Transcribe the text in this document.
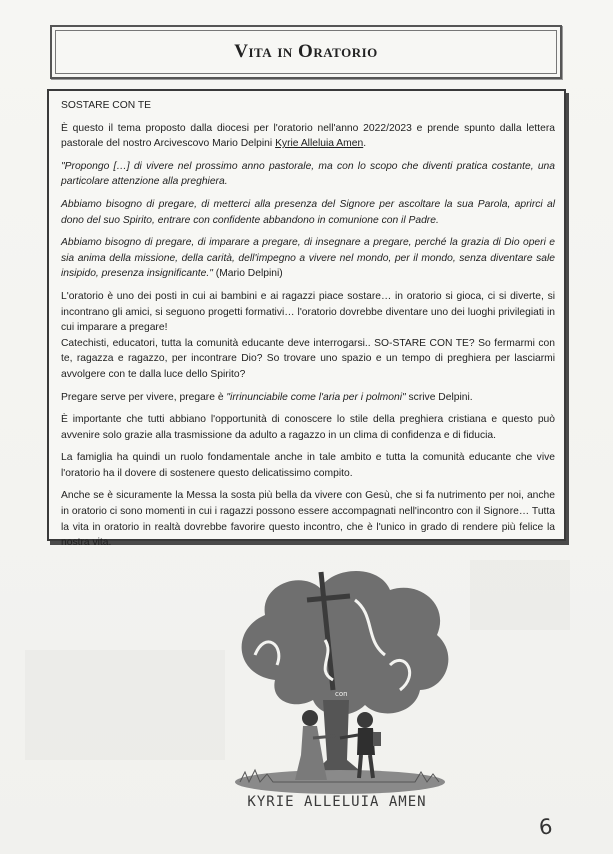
Vita in Oratorio

SOSTARE CON TE

È questo il tema proposto dalla diocesi per l'oratorio nell'anno 2022/2023 e prende spunto dalla lettera pastorale del nostro Arcivescovo Mario Delpini Kyrie Alleluia Amen.

"Propongo […] di vivere nel prossimo anno pastorale, ma con lo scopo che diventi pratica costante, una particolare attenzione alla preghiera.

Abbiamo bisogno di pregare, di metterci alla presenza del Signore per ascoltare la sua Parola, aprirci al dono del suo Spirito, entrare con confidente abbandono in comunione con il Padre.

Abbiamo bisogno di pregare, di imparare a pregare, di insegnare a pregare, perché la grazia di Dio operi e sia anima della missione, della carità, dell'impegno a vivere nel mondo, per il mondo, senza diventare sale insipido, presenza insignificante." (Mario Delpini)

L'oratorio è uno dei posti in cui ai bambini e ai ragazzi piace sostare… in oratorio si gioca, ci si diverte, si incontrano gli amici, si seguono progetti formativi… l'oratorio dovrebbe diventare uno dei luoghi privilegiati in cui imparare a pregare!
Catechisti, educatori, tutta la comunità educante deve interrogarsi.. SO-STARE CON TE? So fermarmi con te, ragazza e ragazzo, per incontrare Dio? So trovare uno spazio e un tempo di preghiera per lasciarmi avvolgere con te dalla luce dello Spirito?

Pregare serve per vivere, pregare è "irrinunciabile come l'aria per i polmoni" scrive Delpini.

È importante che tutti abbiano l'opportunità di conoscere lo stile della preghiera cristiana e questo può avvenire solo grazie alla trasmissione da adulto a ragazzo in un clima di confidenza e di fiducia.

La famiglia ha quindi un ruolo fondamentale anche in tale ambito e tutta la comunità educante che vive l'oratorio ha il dovere di sostenere questo delicatissimo compito.

Anche se è sicuramente la Messa la sosta più bella da vivere con Gesù, che si fa nutrimento per noi, anche in oratorio ci sono momenti in cui i ragazzi possono essere accompagnati nell'incontro con il Signore… Tutta la vita in oratorio in realtà dovrebbe favorire questo incontro, che è l'unico in grado di rendere più felice la nostra vita.

con
KYRIE ALLELUIA AMEN
6
